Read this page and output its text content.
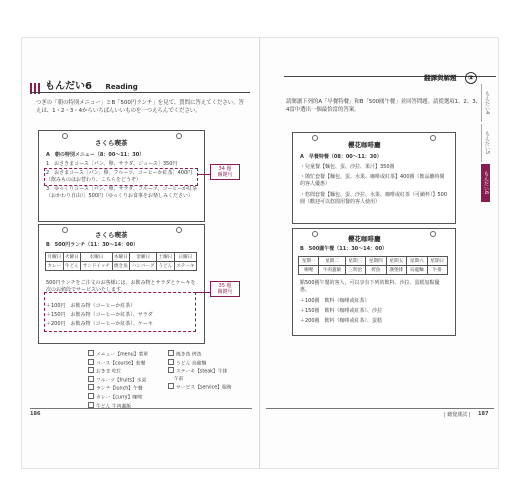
もんだい6 Reading
つぎの「朝の特別メニュー」とB「500円ランチ」を見て、質問に答えてください。答えは、1・2・3・4からいちばんいいものを一つえらんでください。
さくら喫茶
A　朝の特別メニュー（8：00～11：30）
1　おさきまコース［パン、卵、サラダ、ジュース］350円
2　おさまコース［パン、卵、フルーツ、コーヒーか紅茶］400円（飲みものはお替わり、こちらをどうぞ）
3　ゆっくりコース［パン、卵、サラダ、フルーツ、コーヒーか紅茶（おかわり自由）］500円（ゆっくりお食事をお楽しみください）
34 題
關鍵句
さくら喫茶
B　500円ランチ（11：30～14：00）
月曜日	火曜日	水曜日	木曜日	金曜日	土曜日	日曜日
カレー	牛どん	サンドイッチ	焼き魚	ハンバーグ	うどん	ステーキ
500円ランチをご注文のお客様には、お飲み物とサラダとケーキを次のお値段でサービスいたします。
＋100円　お飲み物（コーヒーか紅茶）
＋150円　お飲み物（コーヒーか紅茶）、サラダ
＋200円　お飲み物（コーヒーか紅茶）、ケーキ
35 題
關鍵句
メニュー【menu】菜單
コース【course】套餐
おきま 吃忙
フルーツ【fruits】水果
ランチ【lunch】午餐
カレー【curry】咖哩
牛どん 牛肉蓋飯
焼き魚 烤魚
うどん 烏龍麵
ステーキ【steak】牛排
午前
サービス【service】服務
186
翻譯與解題 ③
請閱讀下列的A「早餐特餐」和B「500圓午餐」並回答問題。請從選項1、2、3、4當中選出一個最恰當的答案。
櫻花咖啡廳
A　早餐特餐（08：00～11：30）
・兒童餐【麵包、蛋、沙拉、果汁】350圓
・簡忙套餐【麵包、蛋、水果、咖啡或紅茶】400圓（飲品離時間的客人優惠）
・悠閒套餐【麵包、蛋、沙拉、水果、咖啡或紅茶（可續杯）】500圓（歡迎可以悠閒用餐的客人使用）
櫻花咖啡廳
B　500圓午餐（11：30～14：00）
星期一	星期二	星期三	星期四	星期五	星期六	星期日
咖哩	牛肉蓋飯	三明治	烤魚	漢堡排	烏龍麵	牛排
點500圓午餐的客人，可以享有下列的飲料、沙拉、蛋糕加點優惠。
＋100圓　飲料（咖啡或紅茶）
＋150圓　飲料（咖啡或紅茶）、沙拉
＋200圓　飲料（咖啡或紅茶）、蛋糕
もんだい4
もんだい5
もんだい6
| 聽覺測試 | 187
